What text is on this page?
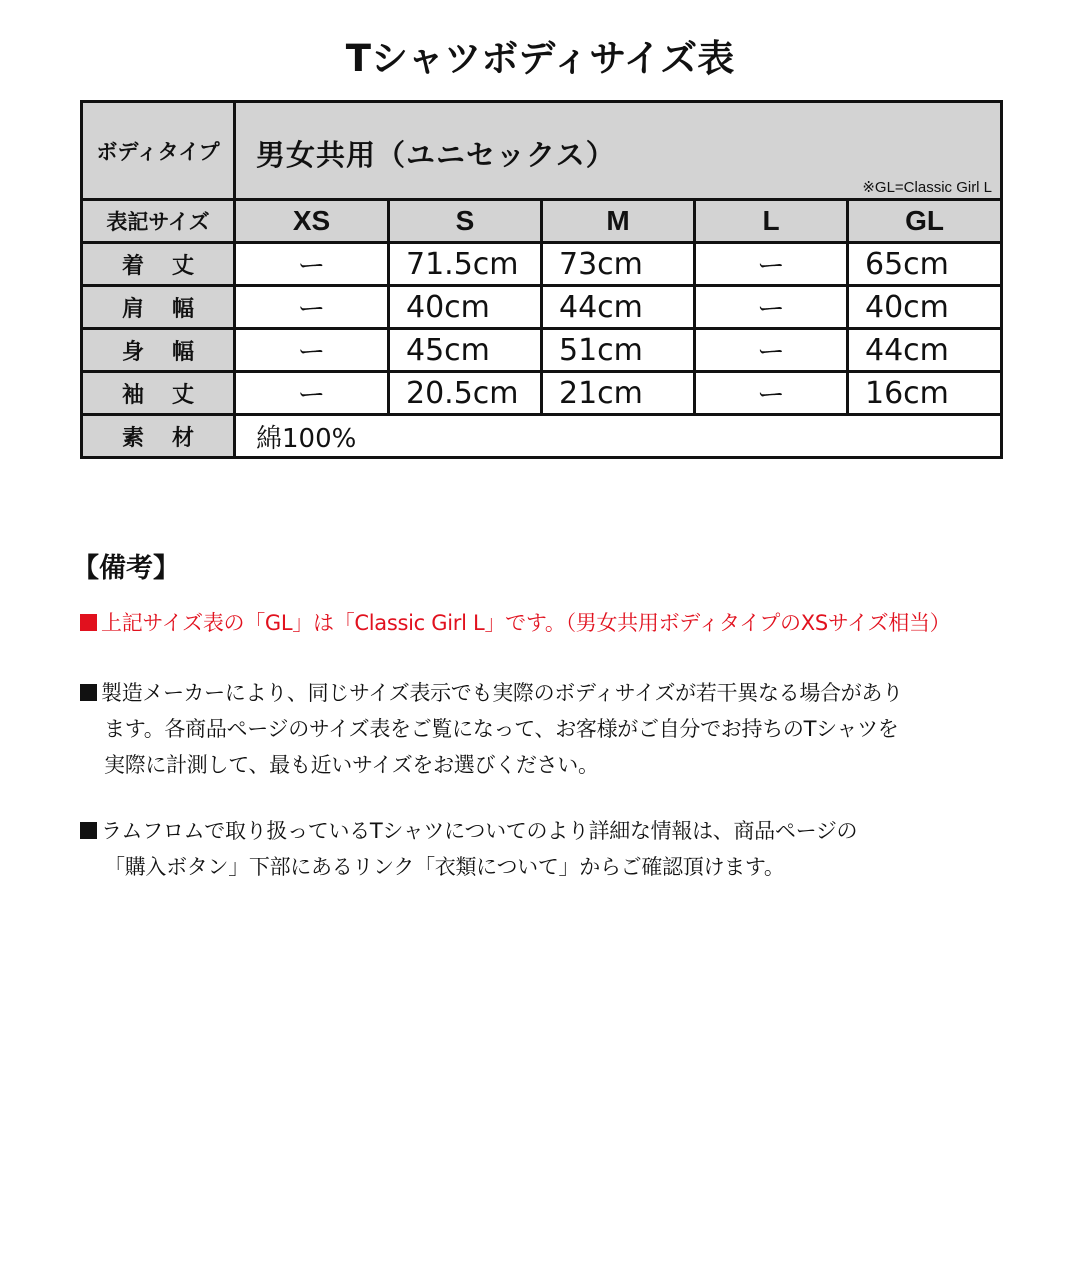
Tシャツボディサイズ表
ボディタイプ	男女共用（ユニセックス）
※GL=Classic Girl L				

表記サイズ	XS	S	M	L	GL
着丈	ー	71.5cm	73cm	ー	65cm
肩幅	ー	40cm	44cm	ー	40cm
身幅	ー	45cm	51cm	ー	44cm
袖丈	ー	20.5cm	21cm	ー	16cm
素材	綿100%				
【備考】
上記サイズ表の「GL」は「Classic Girl L」です。（男女共用ボディタイプのXSサイズ相当）
製造メーカーにより、同じサイズ表示でも実際のボディサイズが若干異なる場合があり
ます。各商品ページのサイズ表をご覧になって、お客様がご自分でお持ちのTシャツを
実際に計測して、最も近いサイズをお選びください。
ラムフロムで取り扱っているTシャツについてのより詳細な情報は、商品ページの
「購入ボタン」下部にあるリンク「衣類について」からご確認頂けます。
